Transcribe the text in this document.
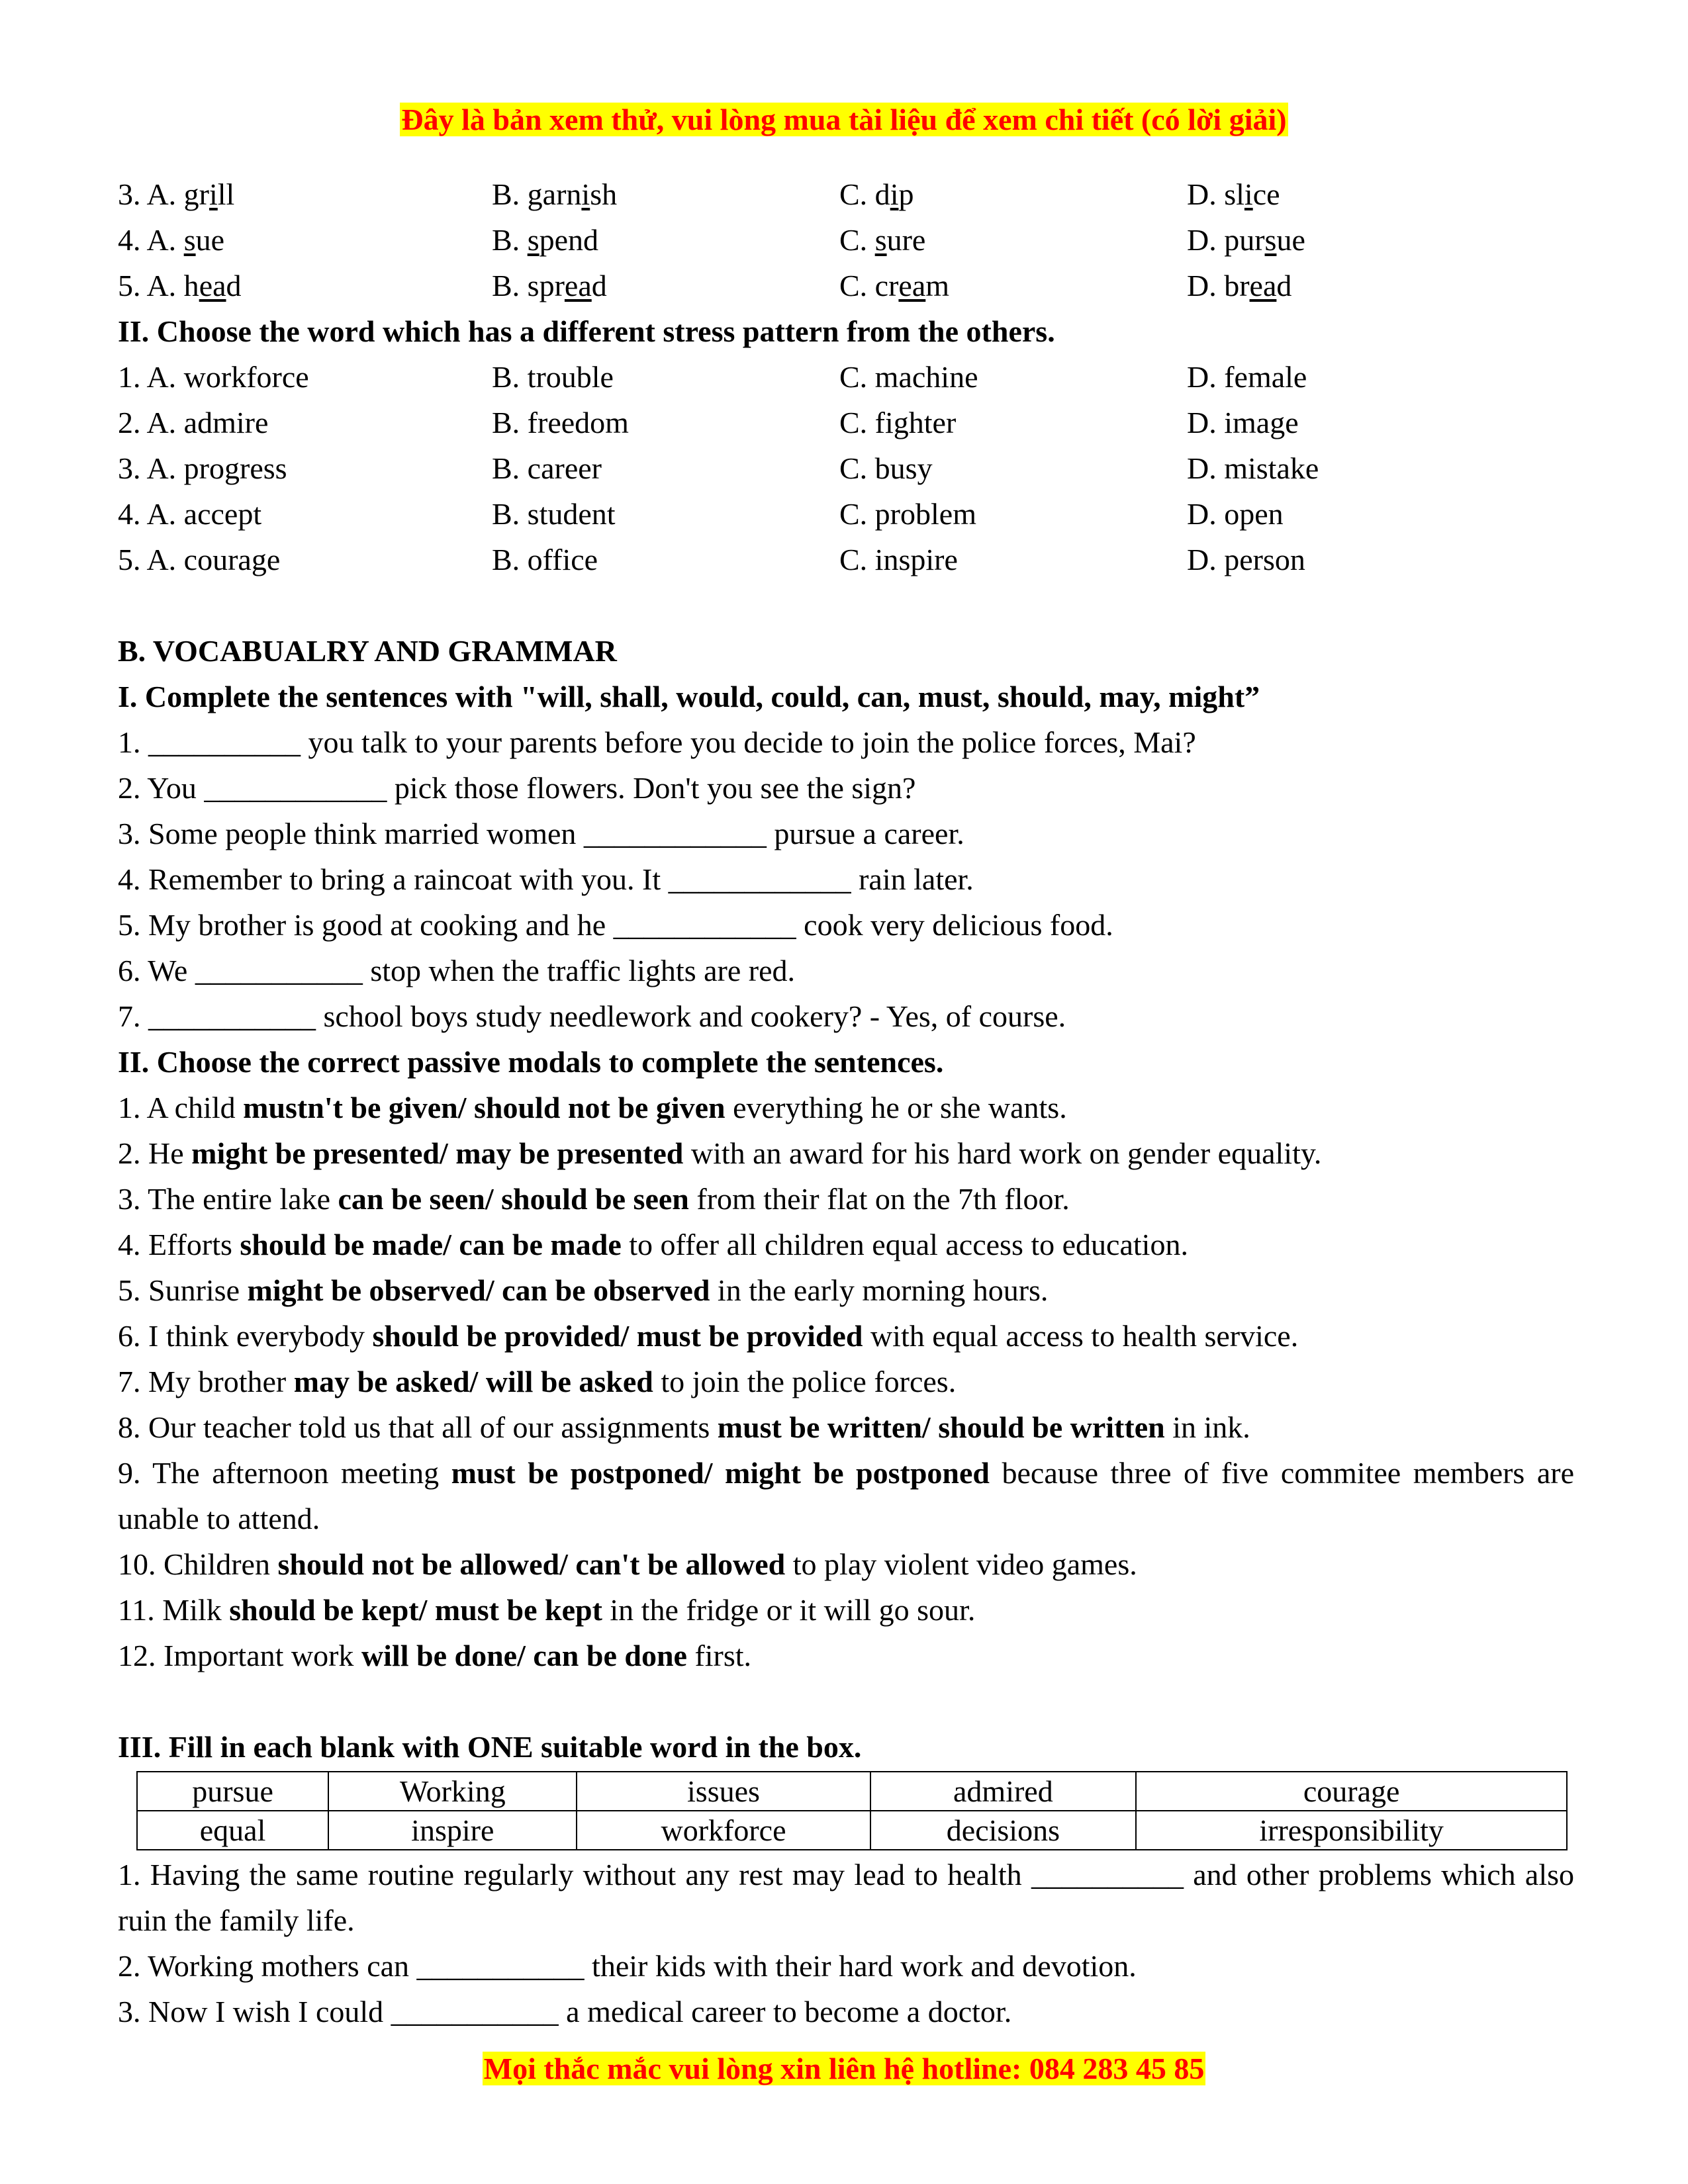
Đây là bản xem thử, vui lòng mua tài liệu để xem chi tiết (có lời giải)
3. A. grill	B. garnish	C. dip	D. slice
4. A. sue	B. spend	C. sure	D. pursue
5. A. head	B. spread	C. cream	D. bread
II. Choose the word which has a different stress pattern from the others.
1. A. workforce	B. trouble	C. machine	D. female
2. A. admire	B. freedom	C. fighter	D. image
3. A. progress	B. career	C. busy	D. mistake
4. A. accept	B. student	C. problem	D. open
5. A. courage	B. office	C. inspire	D. person
B. VOCABUALRY AND GRAMMAR
I. Complete the sentences with "will, shall, would, could, can, must, should, may, might”
1. __________ you talk to your parents before you decide to join the police forces, Mai?
2. You ____________ pick those flowers. Don't you see the sign?
3. Some people think married women ____________ pursue a career.
4. Remember to bring a raincoat with you. It ____________ rain later.
5. My brother is good at cooking and he ____________ cook very delicious food.
6. We ___________ stop when the traffic lights are red.
7. ___________ school boys study needlework and cookery? - Yes, of course.
II. Choose the correct passive modals to complete the sentences.
1. A child mustn't be given/ should not be given everything he or she wants.
2. He might be presented/ may be presented with an award for his hard work on gender equality.
3. The entire lake can be seen/ should be seen from their flat on the 7th floor.
4. Efforts should be made/ can be made to offer all children equal access to education.
5. Sunrise might be observed/ can be observed in the early morning hours.
6. I think everybody should be provided/ must be provided with equal access to health service.
7. My brother may be asked/ will be asked to join the police forces.
8. Our teacher told us that all of our assignments must be written/ should be written in ink.
9. The afternoon meeting must be postponed/ might be postponed because three of five commitee members are unable to attend.
10. Children should not be allowed/ can't be allowed to play violent video games.
11. Milk should be kept/ must be kept in the fridge or it will go sour.
12. Important work will be done/ can be done first.
III. Fill in each blank with ONE suitable word in the box.
pursue	Working	issues	admired	courage
equal	inspire	workforce	decisions	irresponsibility
1. Having the same routine regularly without any rest may lead to health __________ and other problems which also ruin the family life.
2. Working mothers can ___________ their kids with their hard work and devotion.
3. Now I wish I could ___________ a medical career to become a doctor.
Mọi thắc mắc vui lòng xin liên hệ hotline: 084 283 45 85
